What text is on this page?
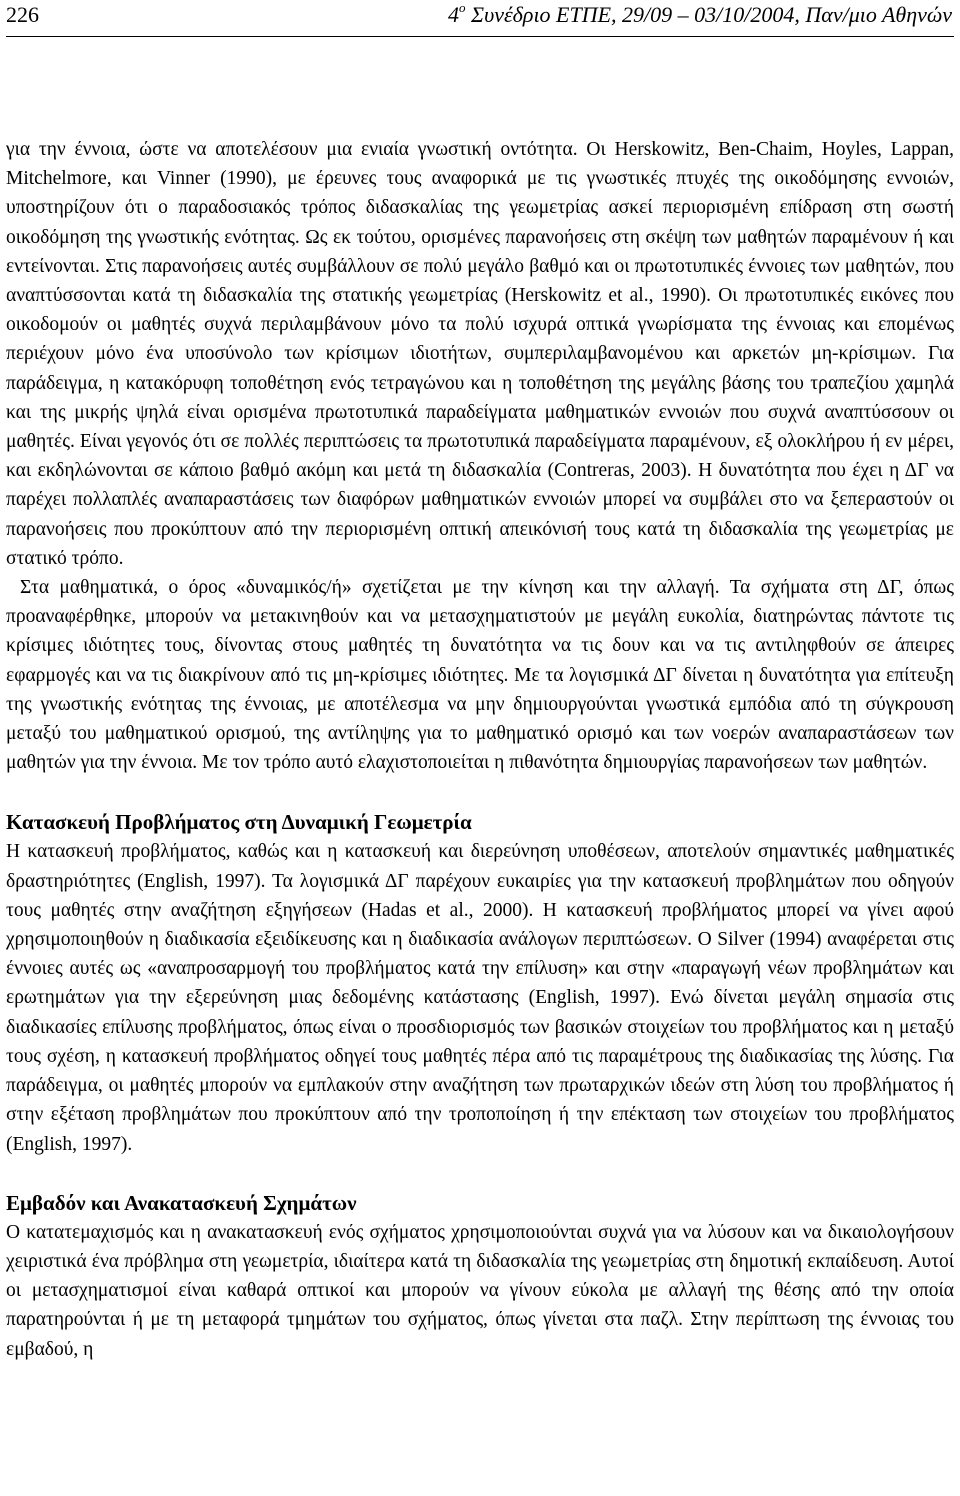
226	$4^o$ Συνέδριο ΕΤΠΕ, 29/09 – 03/10/2004, Παν/μιο Αθηνών

για την έννοια, ώστε να αποτελέσουν μια ενιαία γνωστική οντότητα. Οι Herskowitz, Ben-Chaim, Hoyles, Lappan, Mitchelmore, και Vinner (1990), με έρευνες τους αναφορικά με τις γνωστικές πτυχές της οικοδόμησης εννοιών, υποστηρίζουν ότι ο παραδοσιακός τρόπος διδασκαλίας της γεωμετρίας ασκεί περιορισμένη επίδραση στη σωστή οικοδόμηση της γνωστικής ενότητας. Ως εκ τούτου, ορισμένες παρανοήσεις στη σκέψη των μαθητών παραμένουν ή και εντείνονται. Στις παρανοήσεις αυτές συμβάλλουν σε πολύ μεγάλο βαθμό και οι πρωτοτυπικές έννοιες των μαθητών, που αναπτύσσονται κατά τη διδασκαλία της στατικής γεωμετρίας (Herskowitz et al., 1990). Οι πρωτοτυπικές εικόνες που οικοδομούν οι μαθητές συχνά περιλαμβάνουν μόνο τα πολύ ισχυρά οπτικά γνωρίσματα της έννοιας και επομένως περιέχουν μόνο ένα υποσύνολο των κρίσιμων ιδιοτήτων, συμπεριλαμβανομένου και αρκετών μη-κρίσιμων. Για παράδειγμα, η κατακόρυφη τοποθέτηση ενός τετραγώνου και η τοποθέτηση της μεγάλης βάσης του τραπεζίου χαμηλά και της μικρής ψηλά είναι ορισμένα πρωτοτυπικά παραδείγματα μαθηματικών εννοιών που συχνά αναπτύσσουν οι μαθητές. Είναι γεγονός ότι σε πολλές περιπτώσεις τα πρωτοτυπικά παραδείγματα παραμένουν, εξ ολοκλήρου ή εν μέρει, και εκδηλώνονται σε κάποιο βαθμό ακόμη και μετά τη διδασκαλία (Contreras, 2003). Η δυνατότητα που έχει η ΔΓ να παρέχει πολλαπλές αναπαραστάσεις των διαφόρων μαθηματικών εννοιών μπορεί να συμβάλει στο να ξεπεραστούν οι παρανοήσεις που προκύπτουν από την περιορισμένη οπτική απεικόνισή τους κατά τη διδασκαλία της γεωμετρίας με στατικό τρόπο.

Στα μαθηματικά, ο όρος «δυναμικός/ή» σχετίζεται με την κίνηση και την αλλαγή. Τα σχήματα στη ΔΓ, όπως προαναφέρθηκε, μπορούν να μετακινηθούν και να μετασχηματιστούν με μεγάλη ευκολία, διατηρώντας πάντοτε τις κρίσιμες ιδιότητες τους, δίνοντας στους μαθητές τη δυνατότητα να τις δουν και να τις αντιληφθούν σε άπειρες εφαρμογές και να τις διακρίνουν από τις μη-κρίσιμες ιδιότητες. Με τα λογισμικά ΔΓ δίνεται η δυνατότητα για επίτευξη της γνωστικής ενότητας της έννοιας, με αποτέλεσμα να μην δημιουργούνται γνωστικά εμπόδια από τη σύγκρουση μεταξύ του μαθηματικού ορισμού, της αντίληψης για το μαθηματικό ορισμό και των νοερών αναπαραστάσεων των μαθητών για την έννοια. Με τον τρόπο αυτό ελαχιστοποιείται η πιθανότητα δημιουργίας παρανοήσεων των μαθητών.

Κατασκευή Προβλήματος στη Δυναμική Γεωμετρία

Η κατασκευή προβλήματος, καθώς και η κατασκευή και διερεύνηση υποθέσεων, αποτελούν σημαντικές μαθηματικές δραστηριότητες (English, 1997). Τα λογισμικά ΔΓ παρέχουν ευκαιρίες για την κατασκευή προβλημάτων που οδηγούν τους μαθητές στην αναζήτηση εξηγήσεων (Hadas et al., 2000). Η κατασκευή προβλήματος μπορεί να γίνει αφού χρησιμοποιηθούν η διαδικασία εξειδίκευσης και η διαδικασία ανάλογων περιπτώσεων. Ο Silver (1994) αναφέρεται στις έννοιες αυτές ως «αναπροσαρμογή του προβλήματος κατά την επίλυση» και στην «παραγωγή νέων προβλημάτων και ερωτημάτων για την εξερεύνηση μιας δεδομένης κατάστασης (English, 1997). Ενώ δίνεται μεγάλη σημασία στις διαδικασίες επίλυσης προβλήματος, όπως είναι ο προσδιορισμός των βασικών στοιχείων του προβλήματος και η μεταξύ τους σχέση, η κατασκευή προβλήματος οδηγεί τους μαθητές πέρα από τις παραμέτρους της διαδικασίας της λύσης. Για παράδειγμα, οι μαθητές μπορούν να εμπλακούν στην αναζήτηση των πρωταρχικών ιδεών στη λύση του προβλήματος ή στην εξέταση προβλημάτων που προκύπτουν από την τροποποίηση ή την επέκταση των στοιχείων του προβλήματος (English, 1997).

Εμβαδόν και Ανακατασκευή Σχημάτων

Ο κατατεμαχισμός και η ανακατασκευή ενός σχήματος χρησιμοποιούνται συχνά για να λύσουν και να δικαιολογήσουν χειριστικά ένα πρόβλημα στη γεωμετρία, ιδιαίτερα κατά τη διδασκαλία της γεωμετρίας στη δημοτική εκπαίδευση. Αυτοί οι μετασχηματισμοί είναι καθαρά οπτικοί και μπορούν να γίνουν εύκολα με αλλαγή της θέσης από την οποία παρατηρούνται ή με τη μεταφορά τμημάτων του σχήματος, όπως γίνεται στα παζλ. Στην περίπτωση της έννοιας του εμβαδού, η
